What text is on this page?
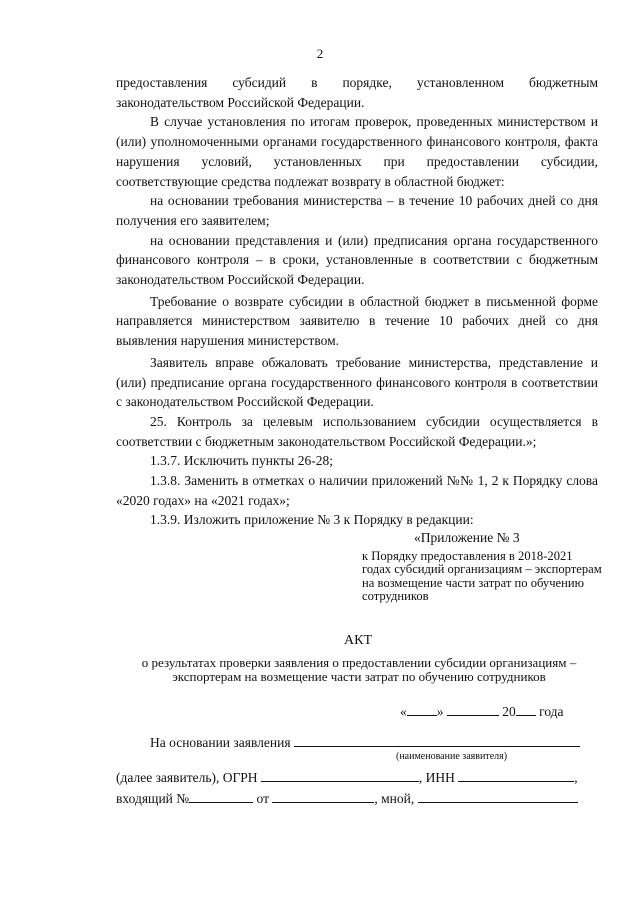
2

предоставления субсидий в порядке, установленном бюджетным законодательством Российской Федерации.

В случае установления по итогам проверок, проведенных министерством и (или) уполномоченными органами государственного финансового контроля, факта нарушения условий, установленных при предоставлении субсидии, соответствующие средства подлежат возврату в областной бюджет:

на основании требования министерства – в течение 10 рабочих дней со дня получения его заявителем;

на основании представления и (или) предписания органа государственного финансового контроля – в сроки, установленные в соответствии с бюджетным законодательством Российской Федерации.

Требование о возврате субсидии в областной бюджет в письменной форме направляется министерством заявителю в течение 10 рабочих дней со дня выявления нарушения министерством.

Заявитель вправе обжаловать требование министерства, представление и (или) предписание органа государственного финансового контроля в соответствии с законодательством Российской Федерации.

25. Контроль за целевым использованием субсидии осуществляется в соответствии с бюджетным законодательством Российской Федерации.»;

1.3.7. Исключить пункты 26-28;

1.3.8. Заменить в отметках о наличии приложений №№ 1, 2 к Порядку слова «2020 годах» на «2021 годах»;

1.3.9. Изложить приложение № 3 к Порядку в редакции:

«Приложение № 3
к Порядку предоставления в 2018-2021 годах субсидий организациям – экспортерам на возмещение части затрат по обучению сотрудников
АКТ
о результатах проверки заявления о предоставлении субсидии организациям – экспортерам на возмещение части затрат по обучению сотрудников
« »	20 года
На основании заявления
(наименование заявителя)
(далее заявитель), ОГРН	, ИНН	,
входящий №	от	, мной,
